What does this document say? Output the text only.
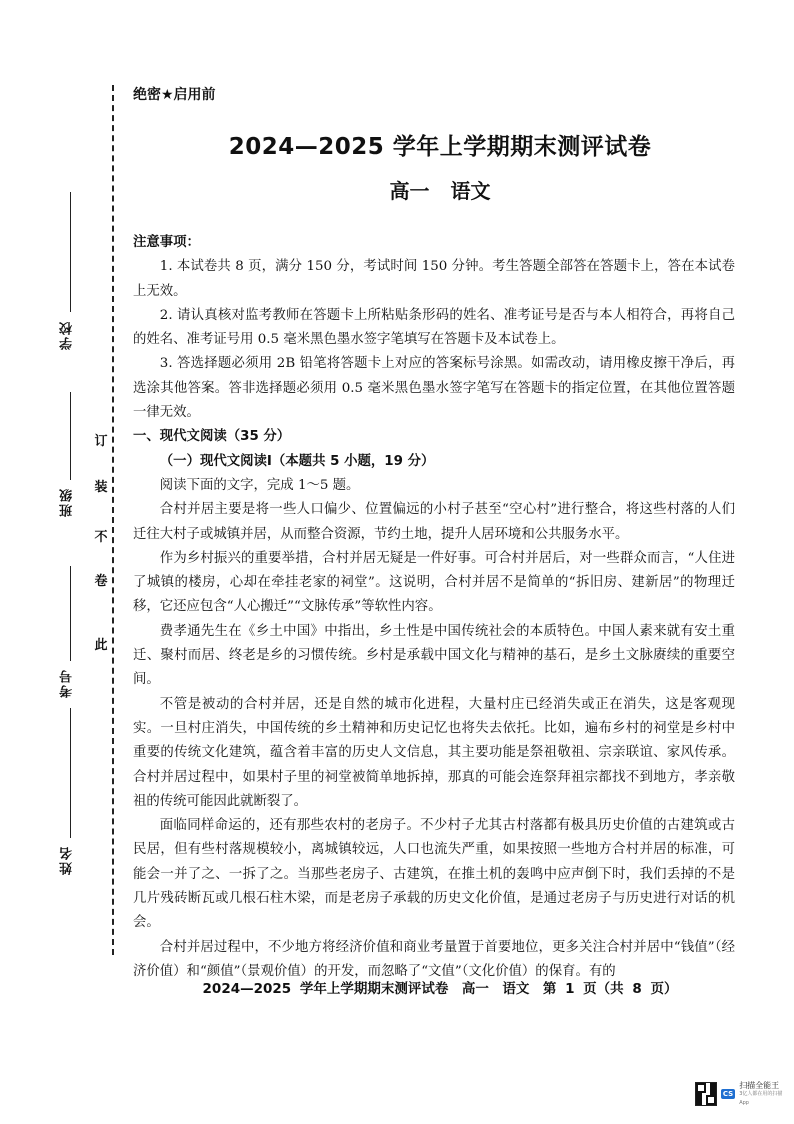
学校
班级
考号
姓名
此
卷
不
装
订
绝密★启用前
2024—2025 学年上学期期末测评试卷
高一 语文

注意事项：

1. 本试卷共 8 页，满分 150 分，考试时间 150 分钟。考生答题全部答在答题卡上，答在本试卷上无效。

2. 请认真核对监考教师在答题卡上所粘贴条形码的姓名、准考证号是否与本人相符合，再将自己的姓名、准考证号用 0.5 毫米黑色墨水签字笔填写在答题卡及本试卷上。

3. 答选择题必须用 2B 铅笔将答题卡上对应的答案标号涂黑。如需改动，请用橡皮擦干净后，再选涂其他答案。答非选择题必须用 0.5 毫米黑色墨水签字笔写在答题卡的指定位置，在其他位置答题一律无效。

一、现代文阅读（35 分）

（一）现代文阅读Ⅰ（本题共 5 小题，19 分）

阅读下面的文字，完成 1～5 题。

合村并居主要是将一些人口偏少、位置偏远的小村子甚至“空心村”进行整合，将这些村落的人们迁往大村子或城镇并居，从而整合资源，节约土地，提升人居环境和公共服务水平。

作为乡村振兴的重要举措，合村并居无疑是一件好事。可合村并居后，对一些群众而言，“人住进了城镇的楼房，心却在牵挂老家的祠堂”。这说明，合村并居不是简单的“拆旧房、建新居”的物理迁移，它还应包含“人心搬迁”“文脉传承”等软性内容。

费孝通先生在《乡土中国》中指出，乡土性是中国传统社会的本质特色。中国人素来就有安土重迁、聚村而居、终老是乡的习惯传统。乡村是承载中国文化与精神的基石，是乡土文脉赓续的重要空间。

不管是被动的合村并居，还是自然的城市化进程，大量村庄已经消失或正在消失，这是客观现实。一旦村庄消失，中国传统的乡土精神和历史记忆也将失去依托。比如，遍布乡村的祠堂是乡村中重要的传统文化建筑，蕴含着丰富的历史人文信息，其主要功能是祭祖敬祖、宗亲联谊、家风传承。合村并居过程中，如果村子里的祠堂被简单地拆掉，那真的可能会连祭拜祖宗都找不到地方，孝亲敬祖的传统可能因此就断裂了。

面临同样命运的，还有那些农村的老房子。不少村子尤其古村落都有极具历史价值的古建筑或古民居，但有些村落规模较小，离城镇较远，人口也流失严重，如果按照一些地方合村并居的标准，可能会一并了之、一拆了之。当那些老房子、古建筑，在推土机的轰鸣中应声倒下时，我们丢掉的不是几片残砖断瓦或几根石柱木梁，而是老房子承载的历史文化价值，是通过老房子与历史进行对话的机会。

合村并居过程中，不少地方将经济价值和商业考量置于首要地位，更多关注合村并居中“钱值”（经济价值）和“颜值”（景观价值）的开发，而忽略了“文值”（文化价值）的保育。有的

2024—2025 学年上学期期末测评试卷　高一　语文　第 1 页（共 8 页）
CS
扫描全能王
3亿人都在用的扫描App
